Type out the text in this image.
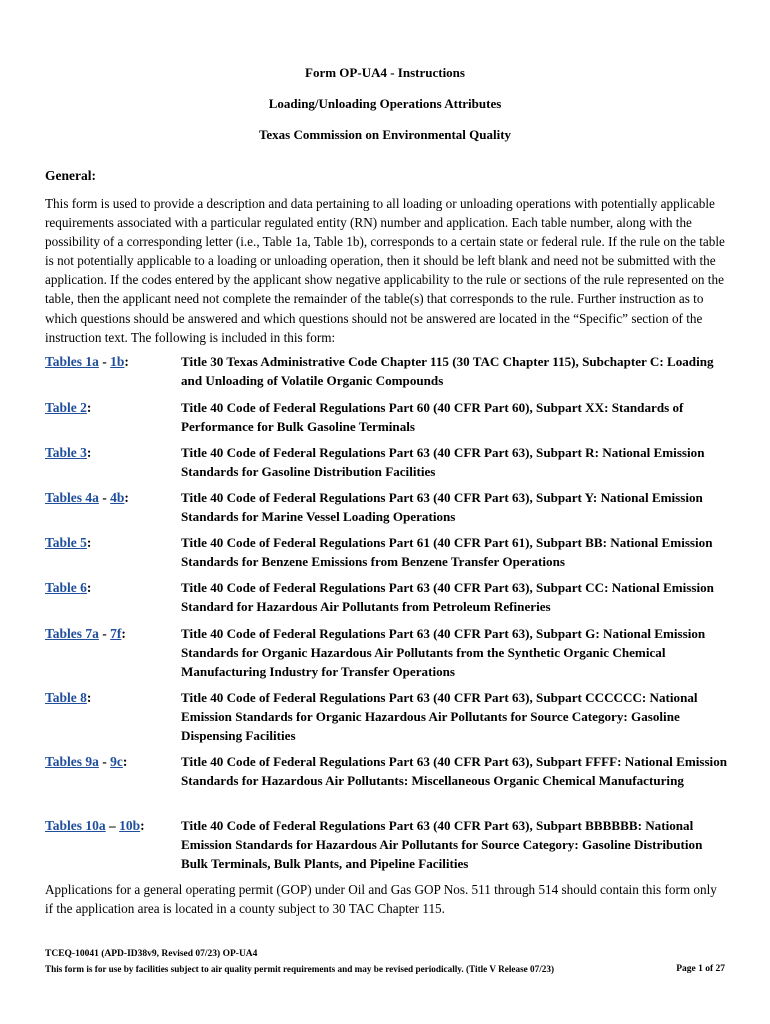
Form OP-UA4 - Instructions
Loading/Unloading Operations Attributes
Texas Commission on Environmental Quality
General:
This form is used to provide a description and data pertaining to all loading or unloading operations with potentially applicable requirements associated with a particular regulated entity (RN) number and application. Each table number, along with the possibility of a corresponding letter (i.e., Table 1a, Table 1b), corresponds to a certain state or federal rule. If the rule on the table is not potentially applicable to a loading or unloading operation, then it should be left blank and need not be submitted with the application. If the codes entered by the applicant show negative applicability to the rule or sections of the rule represented on the table, then the applicant need not complete the remainder of the table(s) that corresponds to the rule. Further instruction as to which questions should be answered and which questions should not be answered are located in the “Specific” section of the instruction text. The following is included in this form:
Tables 1a - 1b:	Title 30 Texas Administrative Code Chapter 115 (30 TAC Chapter 115), Subchapter C: Loading and Unloading of Volatile Organic Compounds
Table 2:	Title 40 Code of Federal Regulations Part 60 (40 CFR Part 60), Subpart XX: Standards of Performance for Bulk Gasoline Terminals
Table 3:	Title 40 Code of Federal Regulations Part 63 (40 CFR Part 63), Subpart R: National Emission Standards for Gasoline Distribution Facilities
Tables 4a - 4b:	Title 40 Code of Federal Regulations Part 63 (40 CFR Part 63), Subpart Y: National Emission Standards for Marine Vessel Loading Operations
Table 5:	Title 40 Code of Federal Regulations Part 61 (40 CFR Part 61), Subpart BB: National Emission Standards for Benzene Emissions from Benzene Transfer Operations
Table 6:	Title 40 Code of Federal Regulations Part 63 (40 CFR Part 63), Subpart CC: National Emission Standard for Hazardous Air Pollutants from Petroleum Refineries
Tables 7a - 7f:	Title 40 Code of Federal Regulations Part 63 (40 CFR Part 63), Subpart G: National Emission Standards for Organic Hazardous Air Pollutants from the Synthetic Organic Chemical Manufacturing Industry for Transfer Operations
Table 8:	Title 40 Code of Federal Regulations Part 63 (40 CFR Part 63), Subpart CCCCCC: National Emission Standards for Organic Hazardous Air Pollutants for Source Category: Gasoline Dispensing Facilities
Tables 9a - 9c:	Title 40 Code of Federal Regulations Part 63 (40 CFR Part 63), Subpart FFFF: National Emission Standards for Hazardous Air Pollutants: Miscellaneous Organic Chemical Manufacturing
Tables 10a – 10b:	Title 40 Code of Federal Regulations Part 63 (40 CFR Part 63), Subpart BBBBBB: National Emission Standards for Hazardous Air Pollutants for Source Category: Gasoline Distribution Bulk Terminals, Bulk Plants, and Pipeline Facilities
Applications for a general operating permit (GOP) under Oil and Gas GOP Nos. 511 through 514 should contain this form only if the application area is located in a county subject to 30 TAC Chapter 115.
TCEQ-10041 (APD-ID38v9, Revised 07/23) OP-UA4
This form is for use by facilities subject to air quality permit requirements and may be revised periodically. (Title V Release 07/23)	Page 1 of 27
